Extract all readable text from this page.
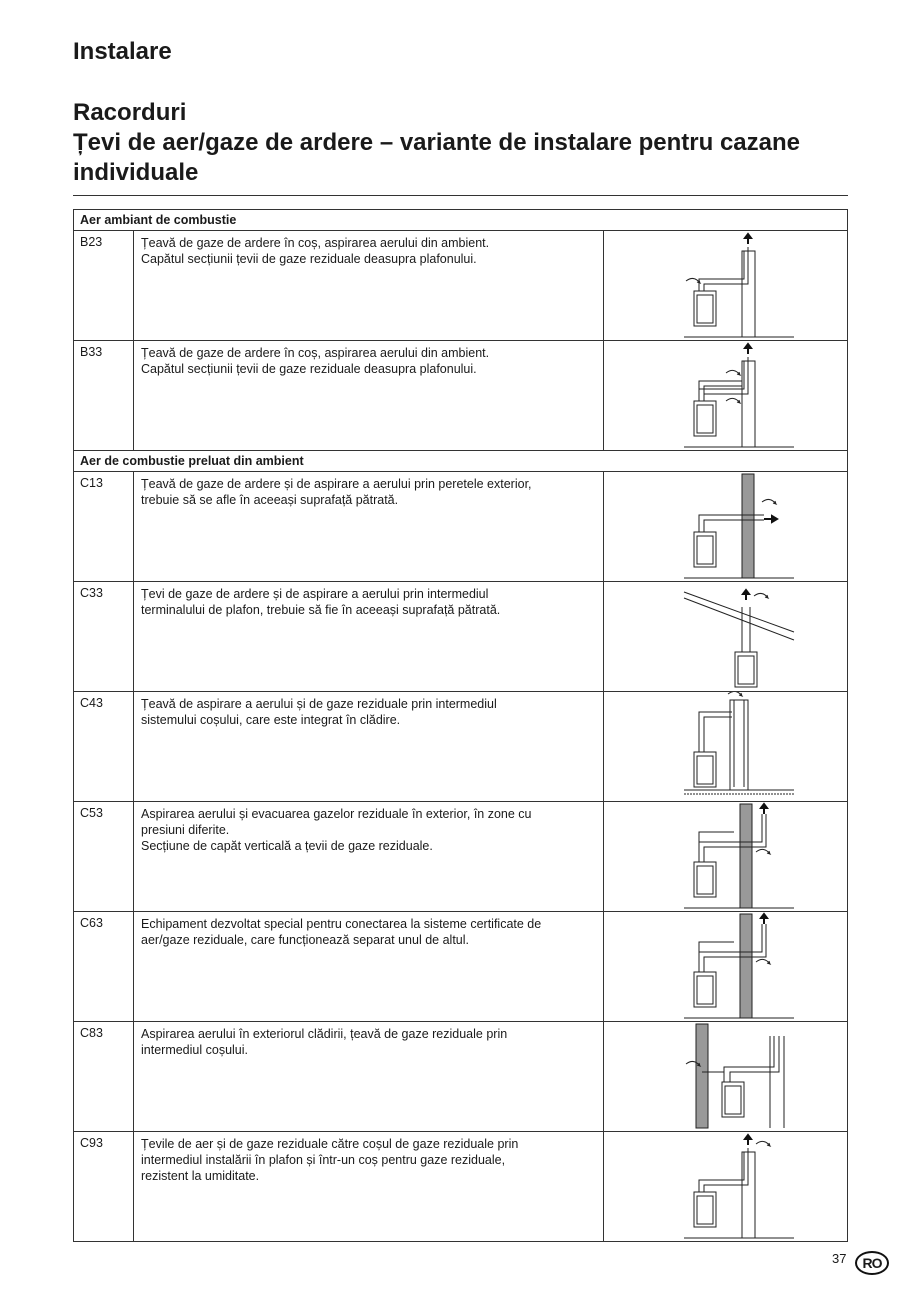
Instalare
Racorduri
Țevi de aer/gaze de ardere – variante de instalare pentru cazane individuale
Aer ambiant de combustie		
B23	Țeavă de gaze de ardere în coș, aspirarea aerului din ambient.
Capătul secțiunii țevii de gaze reziduale deasupra plafonului.

B33	Țeavă de gaze de ardere în coș, aspirarea aerului din ambient.
Capătul secțiunii țevii de gaze reziduale deasupra plafonului.

Aer de combustie preluat din ambient		
C13	Țeavă de gaze de ardere și de aspirare a aerului prin peretele exterior,
trebuie să se afle în aceeași suprafață pătrată.

C33	Țevi de gaze de ardere și de aspirare a aerului prin intermediul
terminalului de plafon, trebuie să fie în aceeași suprafață pătrată.

C43	Țeavă de aspirare a aerului și de gaze reziduale prin intermediul
sistemului coșului, care este integrat în clădire.

C53	Aspirarea aerului și evacuarea gazelor reziduale în exterior, în zone cu
presiuni diferite.
Secțiune de capăt verticală a țevii de gaze reziduale.

C63	Echipament dezvoltat special pentru conectarea la sisteme certificate de
aer/gaze reziduale, care funcționează separat unul de altul.

C83	Aspirarea aerului în exteriorul clădirii, țeavă de gaze reziduale prin
intermediul coșului.

C93	Țevile de aer și de gaze reziduale către coșul de gaze reziduale prin
intermediul instalării în plafon și într-un coș pentru gaze reziduale,
rezistent la umiditate.

37	RO
